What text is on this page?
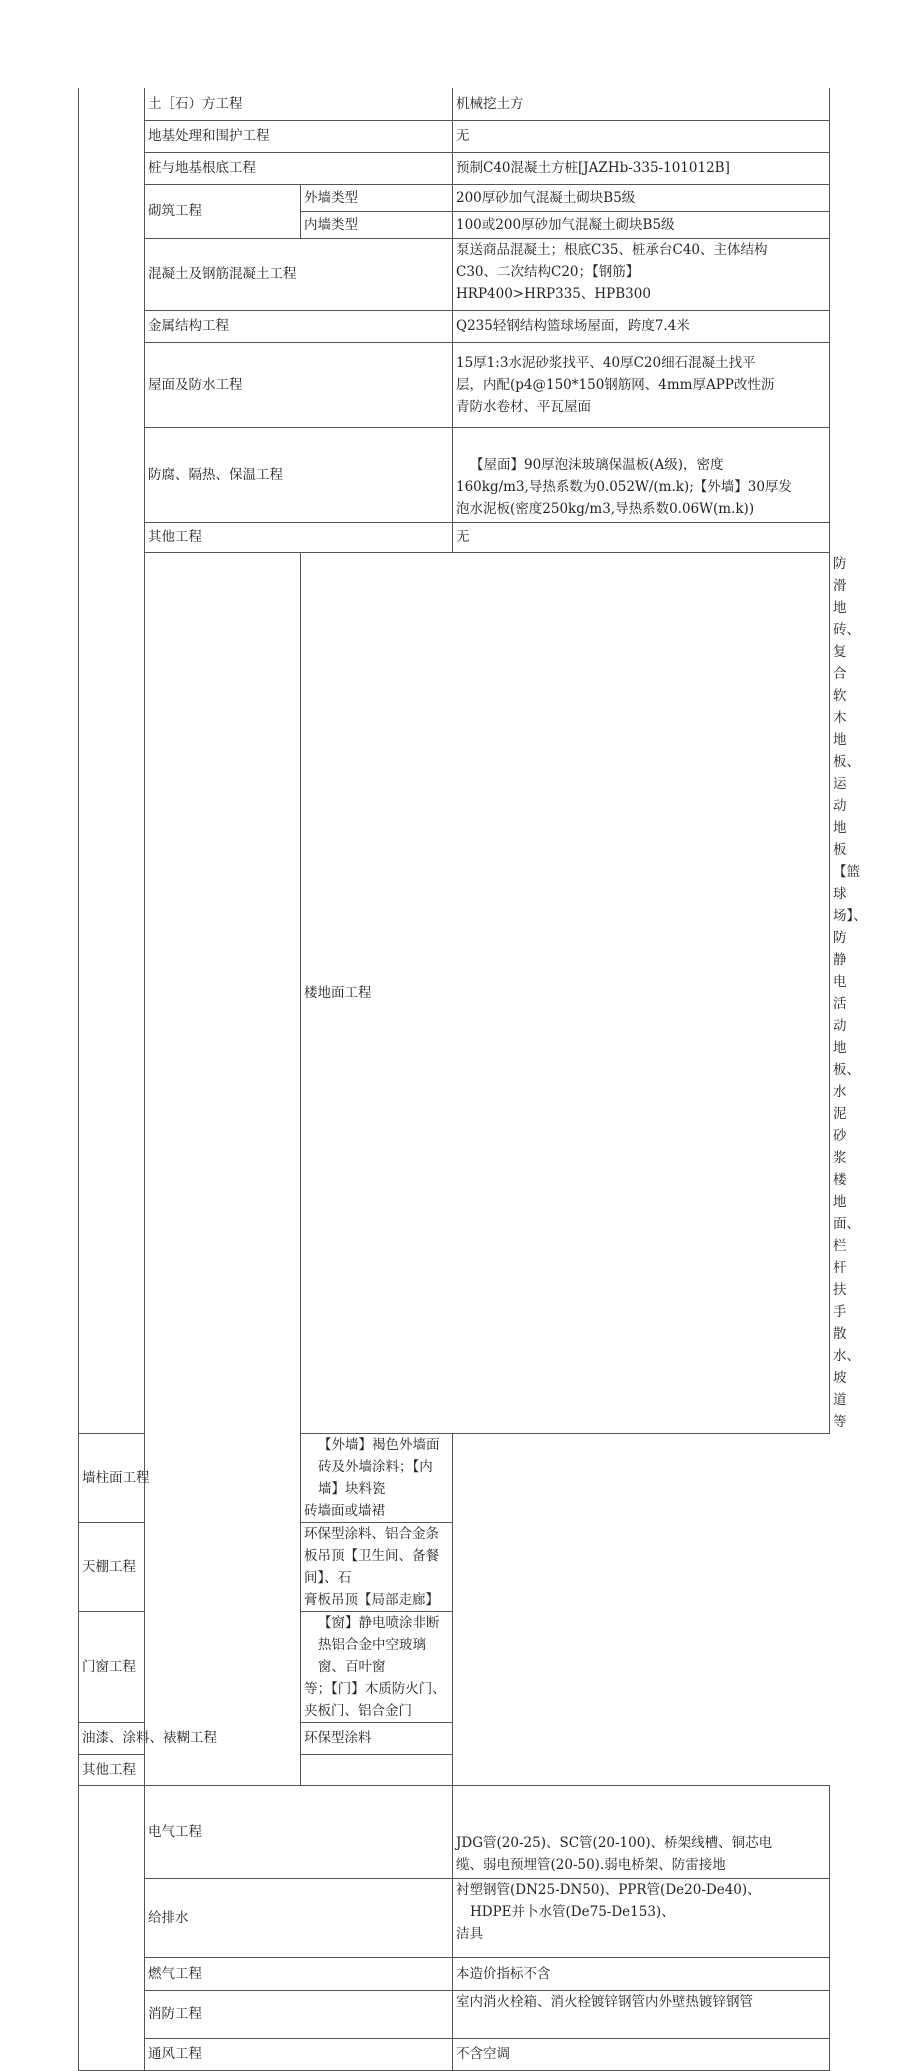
	土［石）方工程		机械挖土方	
	地基处理和围护工程		无	
	桩与地基根底工程		预制C40混凝土方桩[JAZHb-335-101012B]	
	砌筑工程	外墙类型	200厚砂加气混凝土砌块B5级	
		内墙类型	100或200厚砂加气混凝土砌块B5级	
	混凝土及钢筋混凝土工程		泵送商品混凝土；根底C35、桩承台C40、主体结构
C30、二次结构C20；【钢筋】
HRP400>HRP335、HPB300	

	金属结构工程		Q235轻钢结构篮球场屋面，跨度7.4米	
	屋面及防水工程		15厚1:3水泥砂浆找平、40厚C20细石混凝土找平
层，内配(p4@150*150钢筋网、4mm厚APP改性沥
青防水卷材、平瓦屋面	

	防腐、隔热、保温工程		【屋面】90厚泡沫玻璃保温板(A级)，密度
160kg/m3,导热系数为0.052W/(m.k);【外墙】30厚发
泡水泥板(密度250kg/m3,导热系数0.06W(m.k))	

	其他工程		无	
		楼地面工程		防滑地砖、复合软木地板、运动地板【篮球场】、防静
电活动地板、水泥砂浆楼地面、栏杆扶手散水、坡道等

墙柱面工程		【外墙】褐色外墙面砖及外墙涂料；【内墙】块料瓷
砖墙面或墙裙		

天棚工程		环保型涂料、铝合金条板吊顶【卫生间、备餐间】、石
膏板吊顶【局部走廊】		

门窗工程		【窗】静电喷涂非断热铝合金中空玻璃窗、百叶窗
等；【门】木质防火门、夹板门、铝合金门		

油漆、涂料、裱糊工程		环保型涂料		
其他工程				
	电气工程		JDG管(20-25)、SC管(20-100)、桥架线槽、铜芯电
缆、弱电预埋管(20-50).弱电桥架、防雷接地	

	给排水		衬塑钢管(DN25-DN50)、PPR管(De20-De40)、
HDPE并卜水管(De75-De153)、
洁具	

	燃气工程		本造价指标不含	
	消防工程		室内消火栓箱、消火栓镀锌钢管内外壁热镀锌钢管	
	通风工程		不含空调	
